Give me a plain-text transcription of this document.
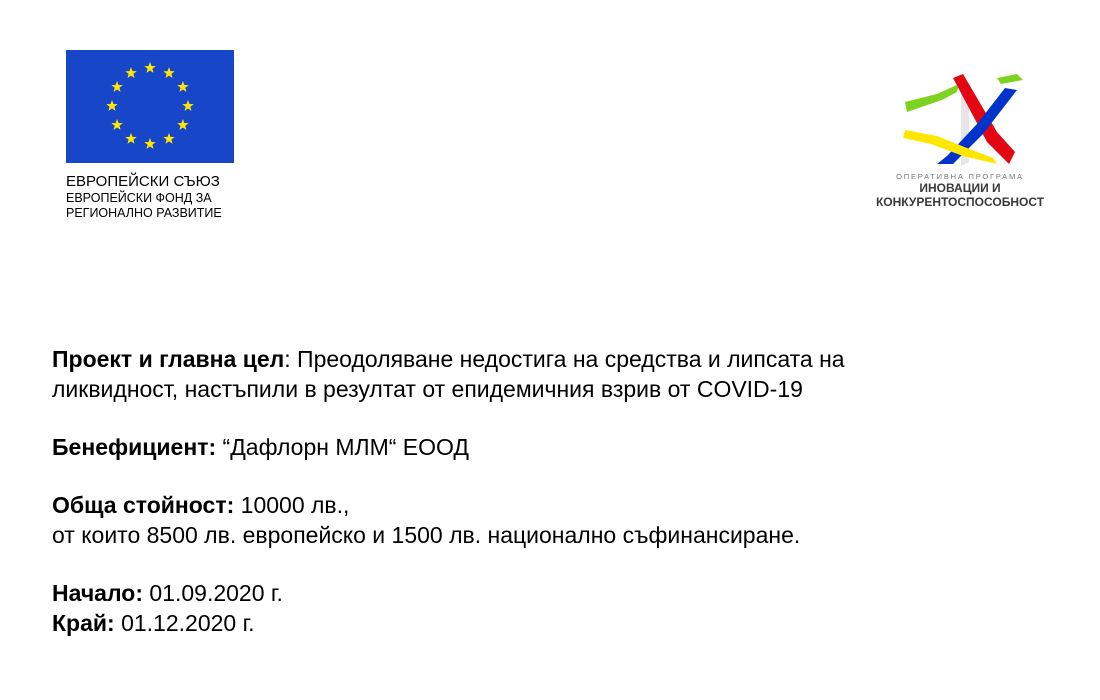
ЕВРОПЕЙСКИ СЪЮЗ
ЕВРОПЕЙСКИ ФОНД ЗА
РЕГИОНАЛНО РАЗВИТИЕ
ОПЕРАТИВНА ПРОГРАМА
ИНОВАЦИИ И
КОНКУРЕНТОСПОСОБНОСТ
Проект и главна цел: Преодоляване недостига на средства и липсата на
ликвидност, настъпили в резултат от епидемичния взрив от COVID-19
Бенефициент: “Дафлорн МЛМ“ ЕООД
Обща стойност: 10000 лв.,
от които 8500 лв. европейско и 1500 лв. национално съфинансиране.
Начало: 01.09.2020 г.
Край: 01.12.2020 г.
